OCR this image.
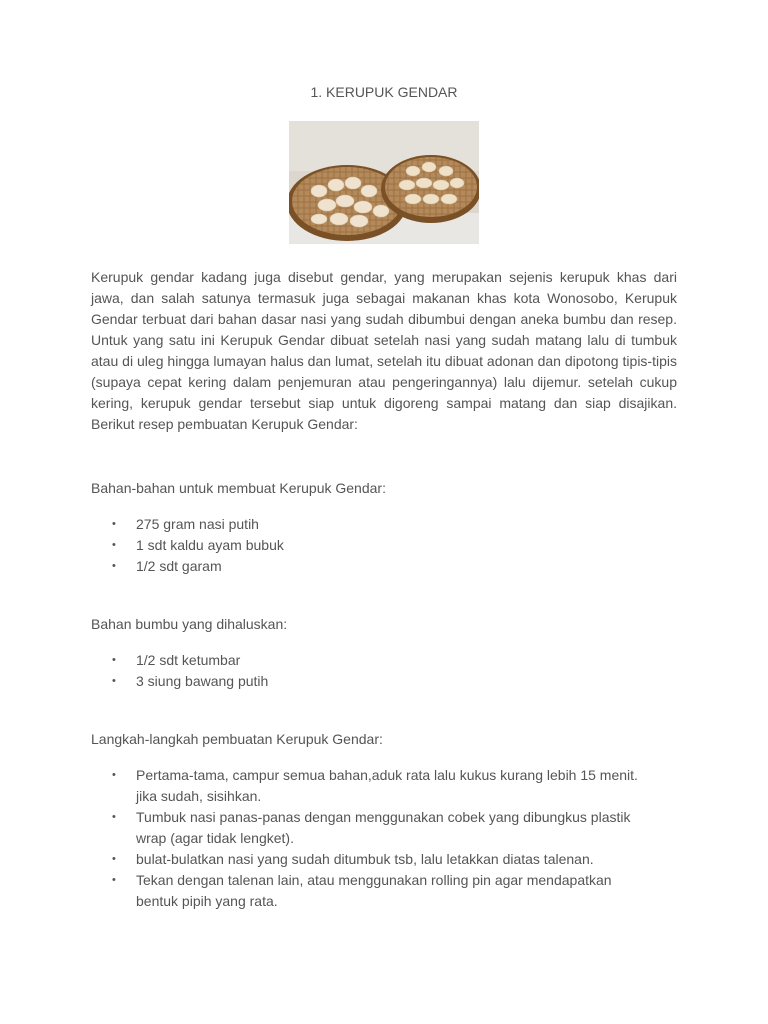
1. KERUPUK GENDAR

Kerupuk gendar kadang juga disebut gendar, yang merupakan sejenis kerupuk khas dari jawa, dan salah satunya termasuk juga sebagai makanan khas kota Wonosobo, Kerupuk Gendar terbuat dari bahan dasar nasi yang sudah dibumbui dengan aneka bumbu dan resep. Untuk yang satu ini Kerupuk Gendar dibuat setelah nasi yang sudah matang lalu di tumbuk atau di uleg hingga lumayan halus dan lumat, setelah itu dibuat adonan dan dipotong tipis-tipis (supaya cepat kering dalam penjemuran atau pengeringannya) lalu dijemur. setelah cukup kering, kerupuk gendar tersebut siap untuk digoreng sampai matang dan siap disajikan. Berikut resep pembuatan Kerupuk Gendar:

Bahan-bahan untuk membuat Kerupuk Gendar:

• 275 gram nasi putih
• 1 sdt kaldu ayam bubuk
• 1/2 sdt garam

Bahan bumbu yang dihaluskan:

• 1/2 sdt ketumbar
• 3 siung bawang putih

Langkah-langkah pembuatan Kerupuk Gendar:

• Pertama-tama, campur semua bahan,aduk rata lalu kukus kurang lebih 15 menit. jika sudah, sisihkan.
• Tumbuk nasi panas-panas dengan menggunakan cobek yang dibungkus plastik wrap (agar tidak lengket).
• bulat-bulatkan nasi yang sudah ditumbuk tsb, lalu letakkan diatas talenan.
• Tekan dengan talenan lain, atau menggunakan rolling pin agar mendapatkan bentuk pipih yang rata.
